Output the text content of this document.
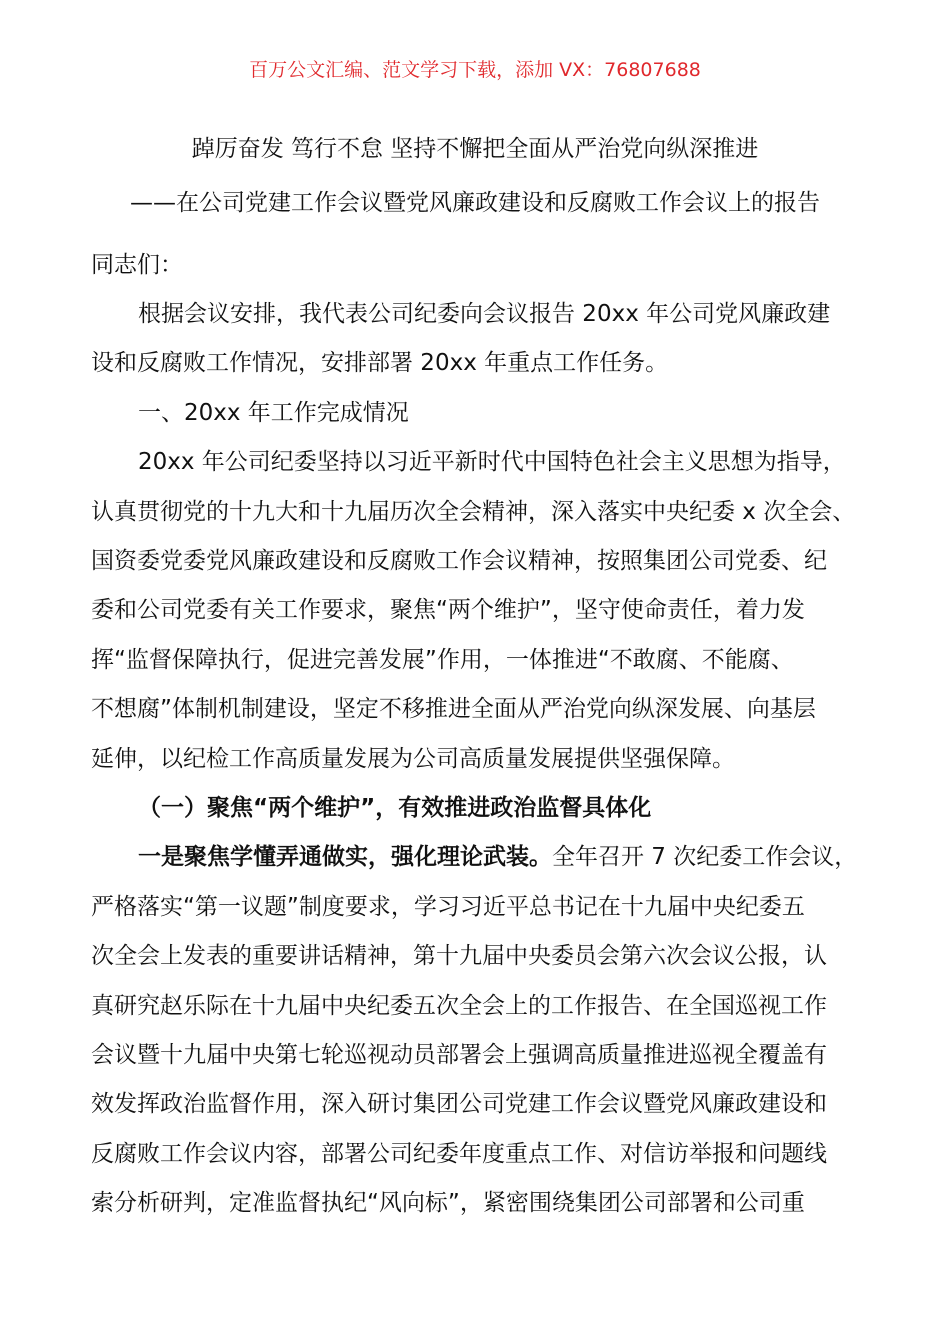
百万公文汇编、范文学习下载，添加 VX：76807688
踔厉奋发 笃行不怠 坚持不懈把全面从严治党向纵深推进
——在公司党建工作会议暨党风廉政建设和反腐败工作会议上的报告
同志们：
根据会议安排，我代表公司纪委向会议报告 20xx 年公司党风廉政建
设和反腐败工作情况，安排部署 20xx 年重点工作任务。
一、20xx 年工作完成情况
20xx 年公司纪委坚持以习近平新时代中国特色社会主义思想为指导，
认真贯彻党的十九大和十九届历次全会精神，深入落实中央纪委 x 次全会、
国资委党委党风廉政建设和反腐败工作会议精神，按照集团公司党委、纪
委和公司党委有关工作要求，聚焦“两个维护”，坚守使命责任，着力发
挥“监督保障执行，促进完善发展”作用，一体推进“不敢腐、不能腐、
不想腐”体制机制建设，坚定不移推进全面从严治党向纵深发展、向基层
延伸，以纪检工作高质量发展为公司高质量发展提供坚强保障。
（一）聚焦“两个维护”，有效推进政治监督具体化
一是聚焦学懂弄通做实，强化理论武装。全年召开 7 次纪委工作会议，
严格落实“第一议题”制度要求，学习习近平总书记在十九届中央纪委五
次全会上发表的重要讲话精神，第十九届中央委员会第六次会议公报，认
真研究赵乐际在十九届中央纪委五次全会上的工作报告、在全国巡视工作
会议暨十九届中央第七轮巡视动员部署会上强调高质量推进巡视全覆盖有
效发挥政治监督作用，深入研讨集团公司党建工作会议暨党风廉政建设和
反腐败工作会议内容，部署公司纪委年度重点工作、对信访举报和问题线
索分析研判，定准监督执纪“风向标”，紧密围绕集团公司部署和公司重
